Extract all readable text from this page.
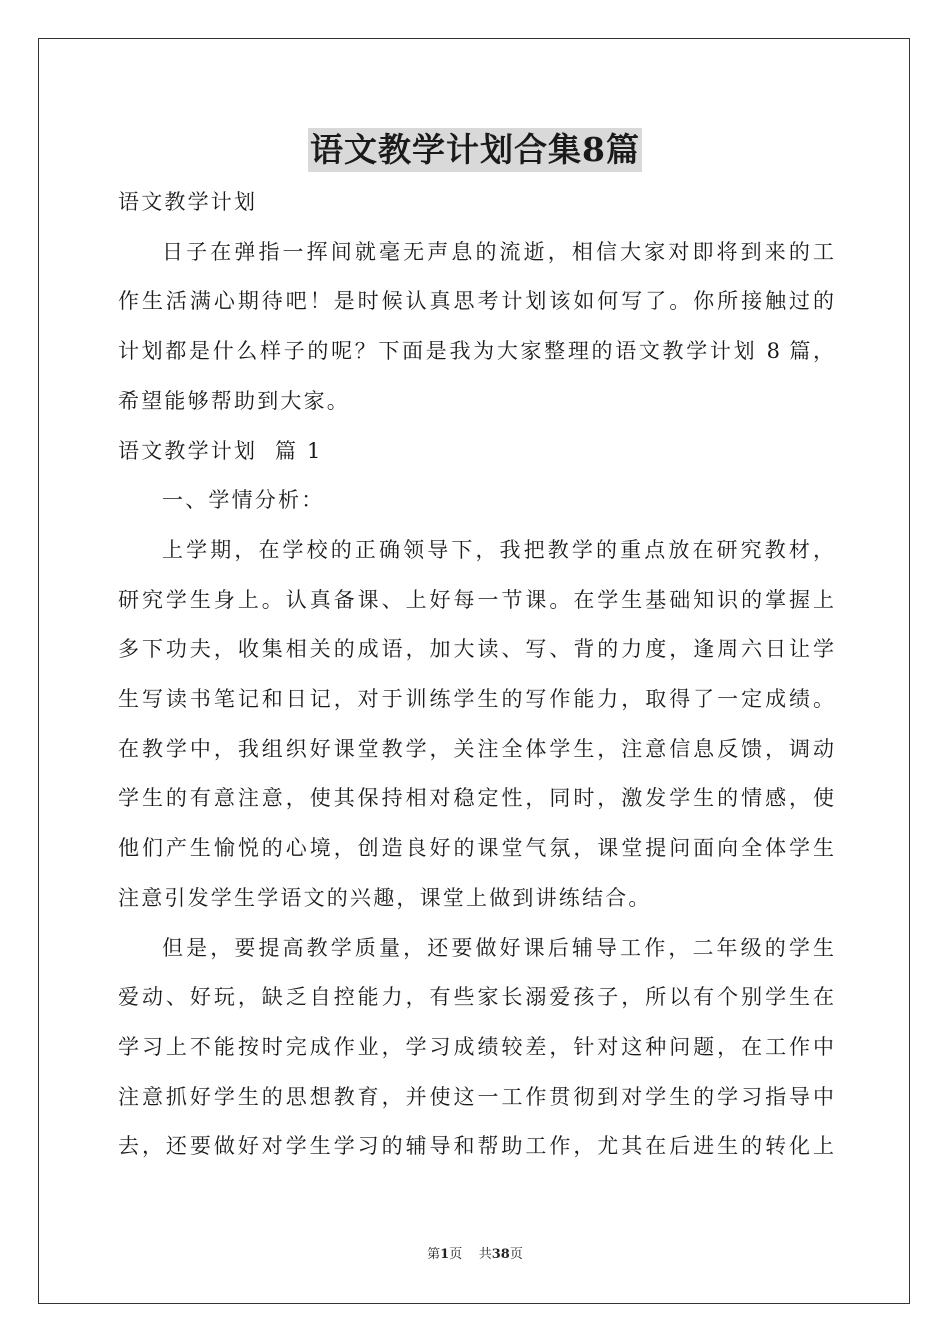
语文教学计划合集8篇
语文教学计划
日子在弹指一挥间就毫无声息的流逝，相信大家对即将到来的工
作生活满心期待吧！是时候认真思考计划该如何写了。你所接触过的
计划都是什么样子的呢？下面是我为大家整理的语文教学计划 8 篇，
希望能够帮助到大家。
语文教学计划  篇 1
一、学情分析：
上学期，在学校的正确领导下，我把教学的重点放在研究教材，
研究学生身上。认真备课、上好每一节课。在学生基础知识的掌握上
多下功夫，收集相关的成语，加大读、写、背的力度，逢周六日让学
生写读书笔记和日记，对于训练学生的写作能力，取得了一定成绩。
在教学中，我组织好课堂教学，关注全体学生，注意信息反馈，调动
学生的有意注意，使其保持相对稳定性，同时，激发学生的情感，使
他们产生愉悦的心境，创造良好的课堂气氛，课堂提问面向全体学生
注意引发学生学语文的兴趣，课堂上做到讲练结合。
但是，要提高教学质量，还要做好课后辅导工作，二年级的学生
爱动、好玩，缺乏自控能力，有些家长溺爱孩子，所以有个别学生在
学习上不能按时完成作业，学习成绩较差，针对这种问题，在工作中
注意抓好学生的思想教育，并使这一工作贯彻到对学生的学习指导中
去，还要做好对学生学习的辅导和帮助工作，尤其在后进生的转化上
第1页    共38页
